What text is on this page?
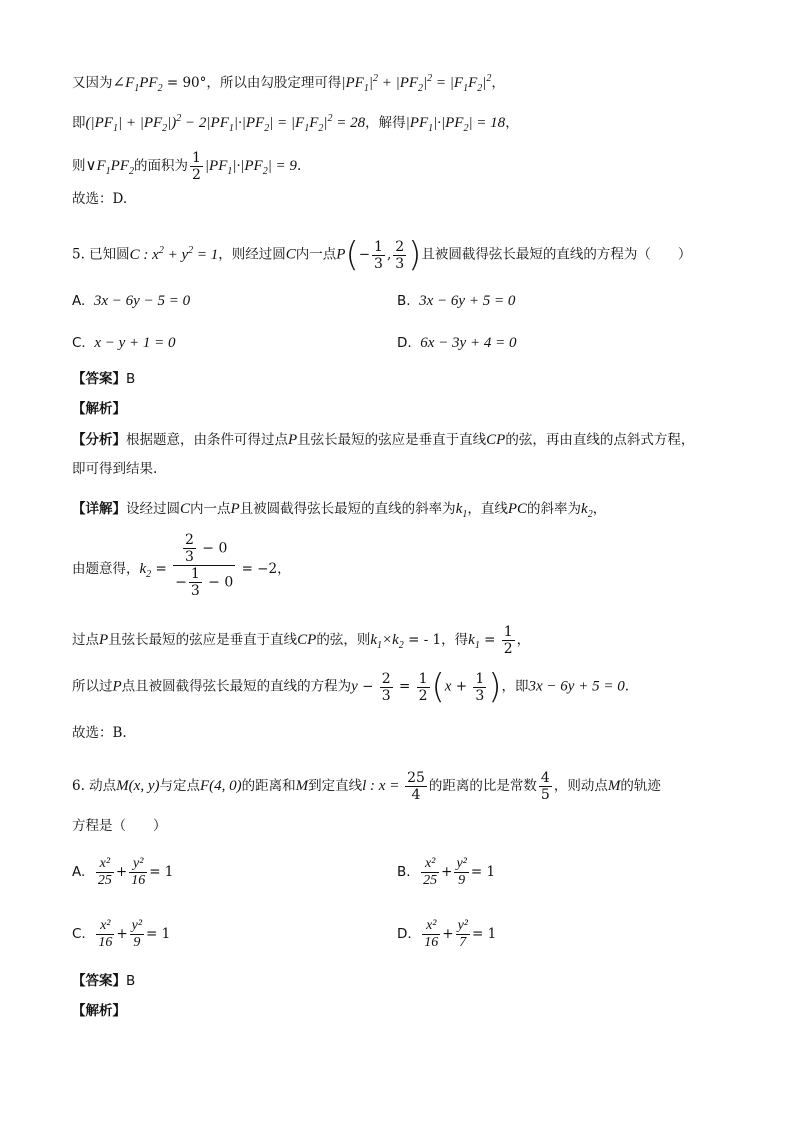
又因为$\angle F_1PF_2 = 90^\circ$，所以由勾股定理可得$|PF_1|^2 + |PF_2|^2 = |F_1F_2|^2$，
即$(|PF_1| + |PF_2|)^2 - 2|PF_1|\cdot|PF_2| = |F_1F_2|^2 = 28$，解得$|PF_1|\cdot|PF_2| = 18$，
则$\vee F_1PF_2$的面积为 $\frac{1}{2} |PF_1|\cdot|PF_2| = 9$.
故选：D.
5. 已知圆C : $x^2 + y^2 = 1$，则经过圆C内一点$P(- \frac{1}{3}$ , $\frac{2}{3}$ )且被圆截得弦长最短的直线的方程为（　　）
A. 3x − 6y − 5 = 0	B. 3x − 6y + 5 = 0
C. x − y + 1 = 0	D. 6x − 3y + 4 = 0
【答案】B
【解析】
【分析】根据题意，由条件可得过点P且弦长最短的弦应是垂直于直线CP的弦，再由直线的点斜式方程，
即可得到结果.
【详解】设经过圆C内一点P且被圆截得弦长最短的直线的斜率为$k_1$，直线PC的斜率为$k_2$，
由题意得，$k_2 = \frac{\frac{2}{3} - 0}{- \frac{1}{3} - 0} = -2$，
过点P且弦长最短的弦应是垂直于直线CP的弦，则$k_1\times k_2$ = - 1，得$k_1 = \frac{1}{2}$ ，
所以过P点且被圆截得弦长最短的直线的方程为$y - \frac{2}{3} = \frac{1}{2} (x + \frac{1}{3}$ )，即3x − 6y + 5 = 0.
故选：B.
6. 动点M(x, y)与定点F(4, 0)的距离和M到定直线l : $x = \frac{25}{4}$ 的距离的比是常数 $\frac{4}{5}$ ，则动点M的轨迹
方程是（　　）
A. $\frac{\text{x²}}{25} + \frac{\text{y²}}{16} = 1$	B. $\frac{\text{x²}}{25} + \frac{\text{y²}}{9} = 1$
C. $\frac{\text{x²}}{16} + \frac{\text{y²}}{9} = 1$	D. $\frac{\text{x²}}{16} + \frac{\text{y²}}{7} = 1$
【答案】B
【解析】
